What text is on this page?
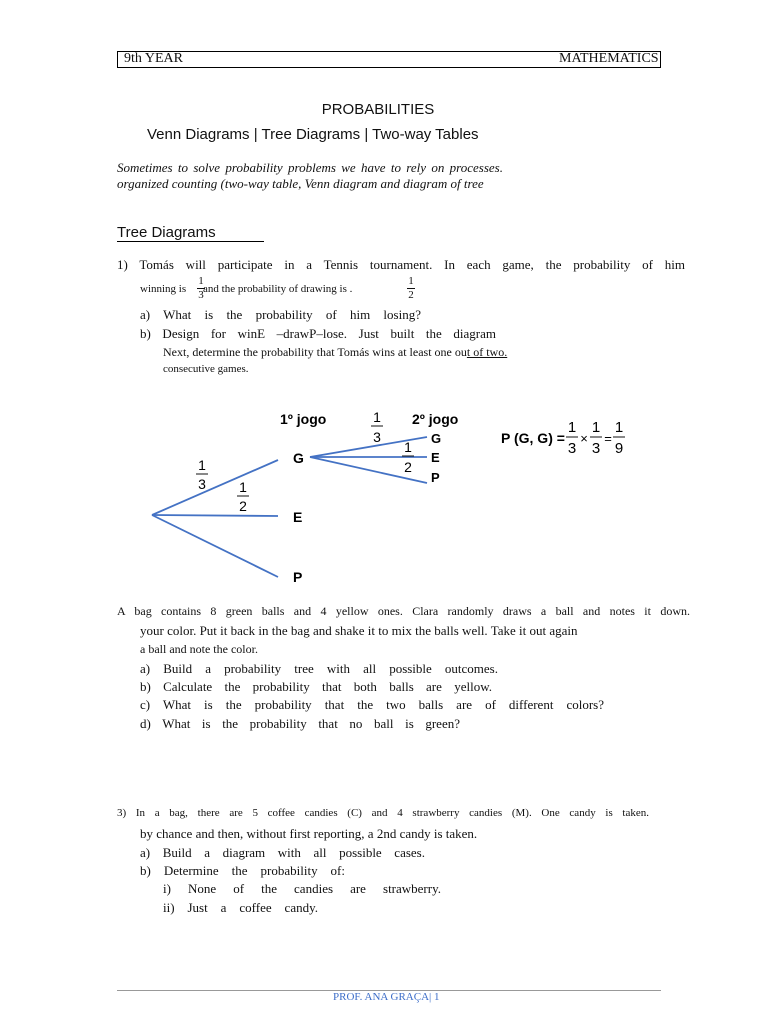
9th YEAR	MATHEMATICS
PROBABILITIES
Venn Diagrams | Tree Diagrams | Two-way Tables
Sometimes to solve probability problems we have to rely on processes. organized counting (two-way table, Venn diagram and diagram of tree
Tree Diagrams
1) Tomás will participate in a Tennis tournament. In each game, the probability of him
winning is
1
3 and the probability of drawing is .
1
2
a) What is the probability of him losing?
b) Design for winE –drawP–lose. Just built the diagram
Next, determine the probability that Tomás wins at least one out of two.
consecutive games.
1º jogo	2º jogo
G
E
P
G
E
P
1
3 1
2
1
3
1
2
P (G, G) =
1
3
×
1
3
=
1
9
A bag contains 8 green balls and 4 yellow ones. Clara randomly draws a ball and notes it down.
your color. Put it back in the bag and shake it to mix the balls well. Take it out again
a ball and note the color.
a) Build a probability tree with all possible outcomes.
b) Calculate the probability that both balls are yellow.
c) What is the probability that the two balls are of different colors?
d) What is the probability that no ball is green?
3) In a bag, there are 5 coffee candies (C) and 4 strawberry candies (M). One candy is taken.
by chance and then, without first reporting, a 2nd candy is taken.
a) Build a diagram with all possible cases.
b) Determine the probability of:
i) None of the candies are strawberry.
ii) Just a coffee candy.
PROF. ANA GRAÇA| 1
